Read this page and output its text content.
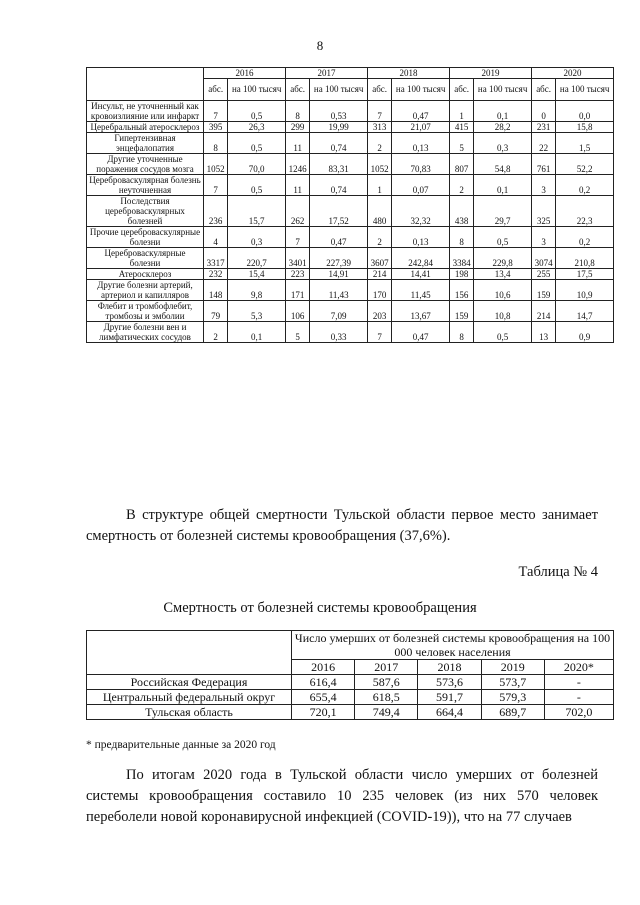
8
	2016		2017		2018		2019		2020	
	абс.	на 100 тысяч	абс.	на 100 тысяч	абс.	на 100 тысяч	абс.	на 100 тысяч	абс.	на 100 тысяч
Инсульт, не уточненный как кровоизлияние или инфаркт	7	0,5	8	0,53	7	0,47	1	0,1	0	0,0
Церебральный атеросклероз	395	26,3	299	19,99	313	21,07	415	28,2	231	15,8
Гипертензивная энцефалопатия	8	0,5	11	0,74	2	0,13	5	0,3	22	1,5
Другие уточненные поражения сосудов мозга	1052	70,0	1246	83,31	1052	70,83	807	54,8	761	52,2
Цереброваскулярная болезнь неуточненная	7	0,5	11	0,74	1	0,07	2	0,1	3	0,2
Последствия цереброваскулярных болезней	236	15,7	262	17,52	480	32,32	438	29,7	325	22,3
Прочие цереброваскулярные болезни	4	0,3	7	0,47	2	0,13	8	0,5	3	0,2
Цереброваскулярные болезни	3317	220,7	3401	227,39	3607	242,84	3384	229,8	3074	210,8
Атеросклероз	232	15,4	223	14,91	214	14,41	198	13,4	255	17,5
Другие болезни артерий, артериол и капилляров	148	9,8	171	11,43	170	11,45	156	10,6	159	10,9
Флебит и тромбофлебит, тромбозы и эмболии	79	5,3	106	7,09	203	13,67	159	10,8	214	14,7
Другие болезни вен и лимфатических сосудов	2	0,1	5	0,33	7	0,47	8	0,5	13	0,9
В структуре общей смертности Тульской области первое место занимает смертность от болезней системы кровообращения (37,6%).
Таблица № 4
Смертность от болезней системы кровообращения
	Число умерших от болезней системы кровообращения на 100 000 человек населения				
	2016	2017	2018	2019	2020*
Российская Федерация	616,4	587,6	573,6	573,7	-
Центральный федеральный округ	655,4	618,5	591,7	579,3	-
Тульская область	720,1	749,4	664,4	689,7	702,0
* предварительные данные за 2020 год
По итогам 2020 года в Тульской области число умерших от болезней системы кровообращения составило 10 235 человек (из них 570 человек переболели новой коронавирусной инфекцией (COVID-19)), что на 77 случаев
